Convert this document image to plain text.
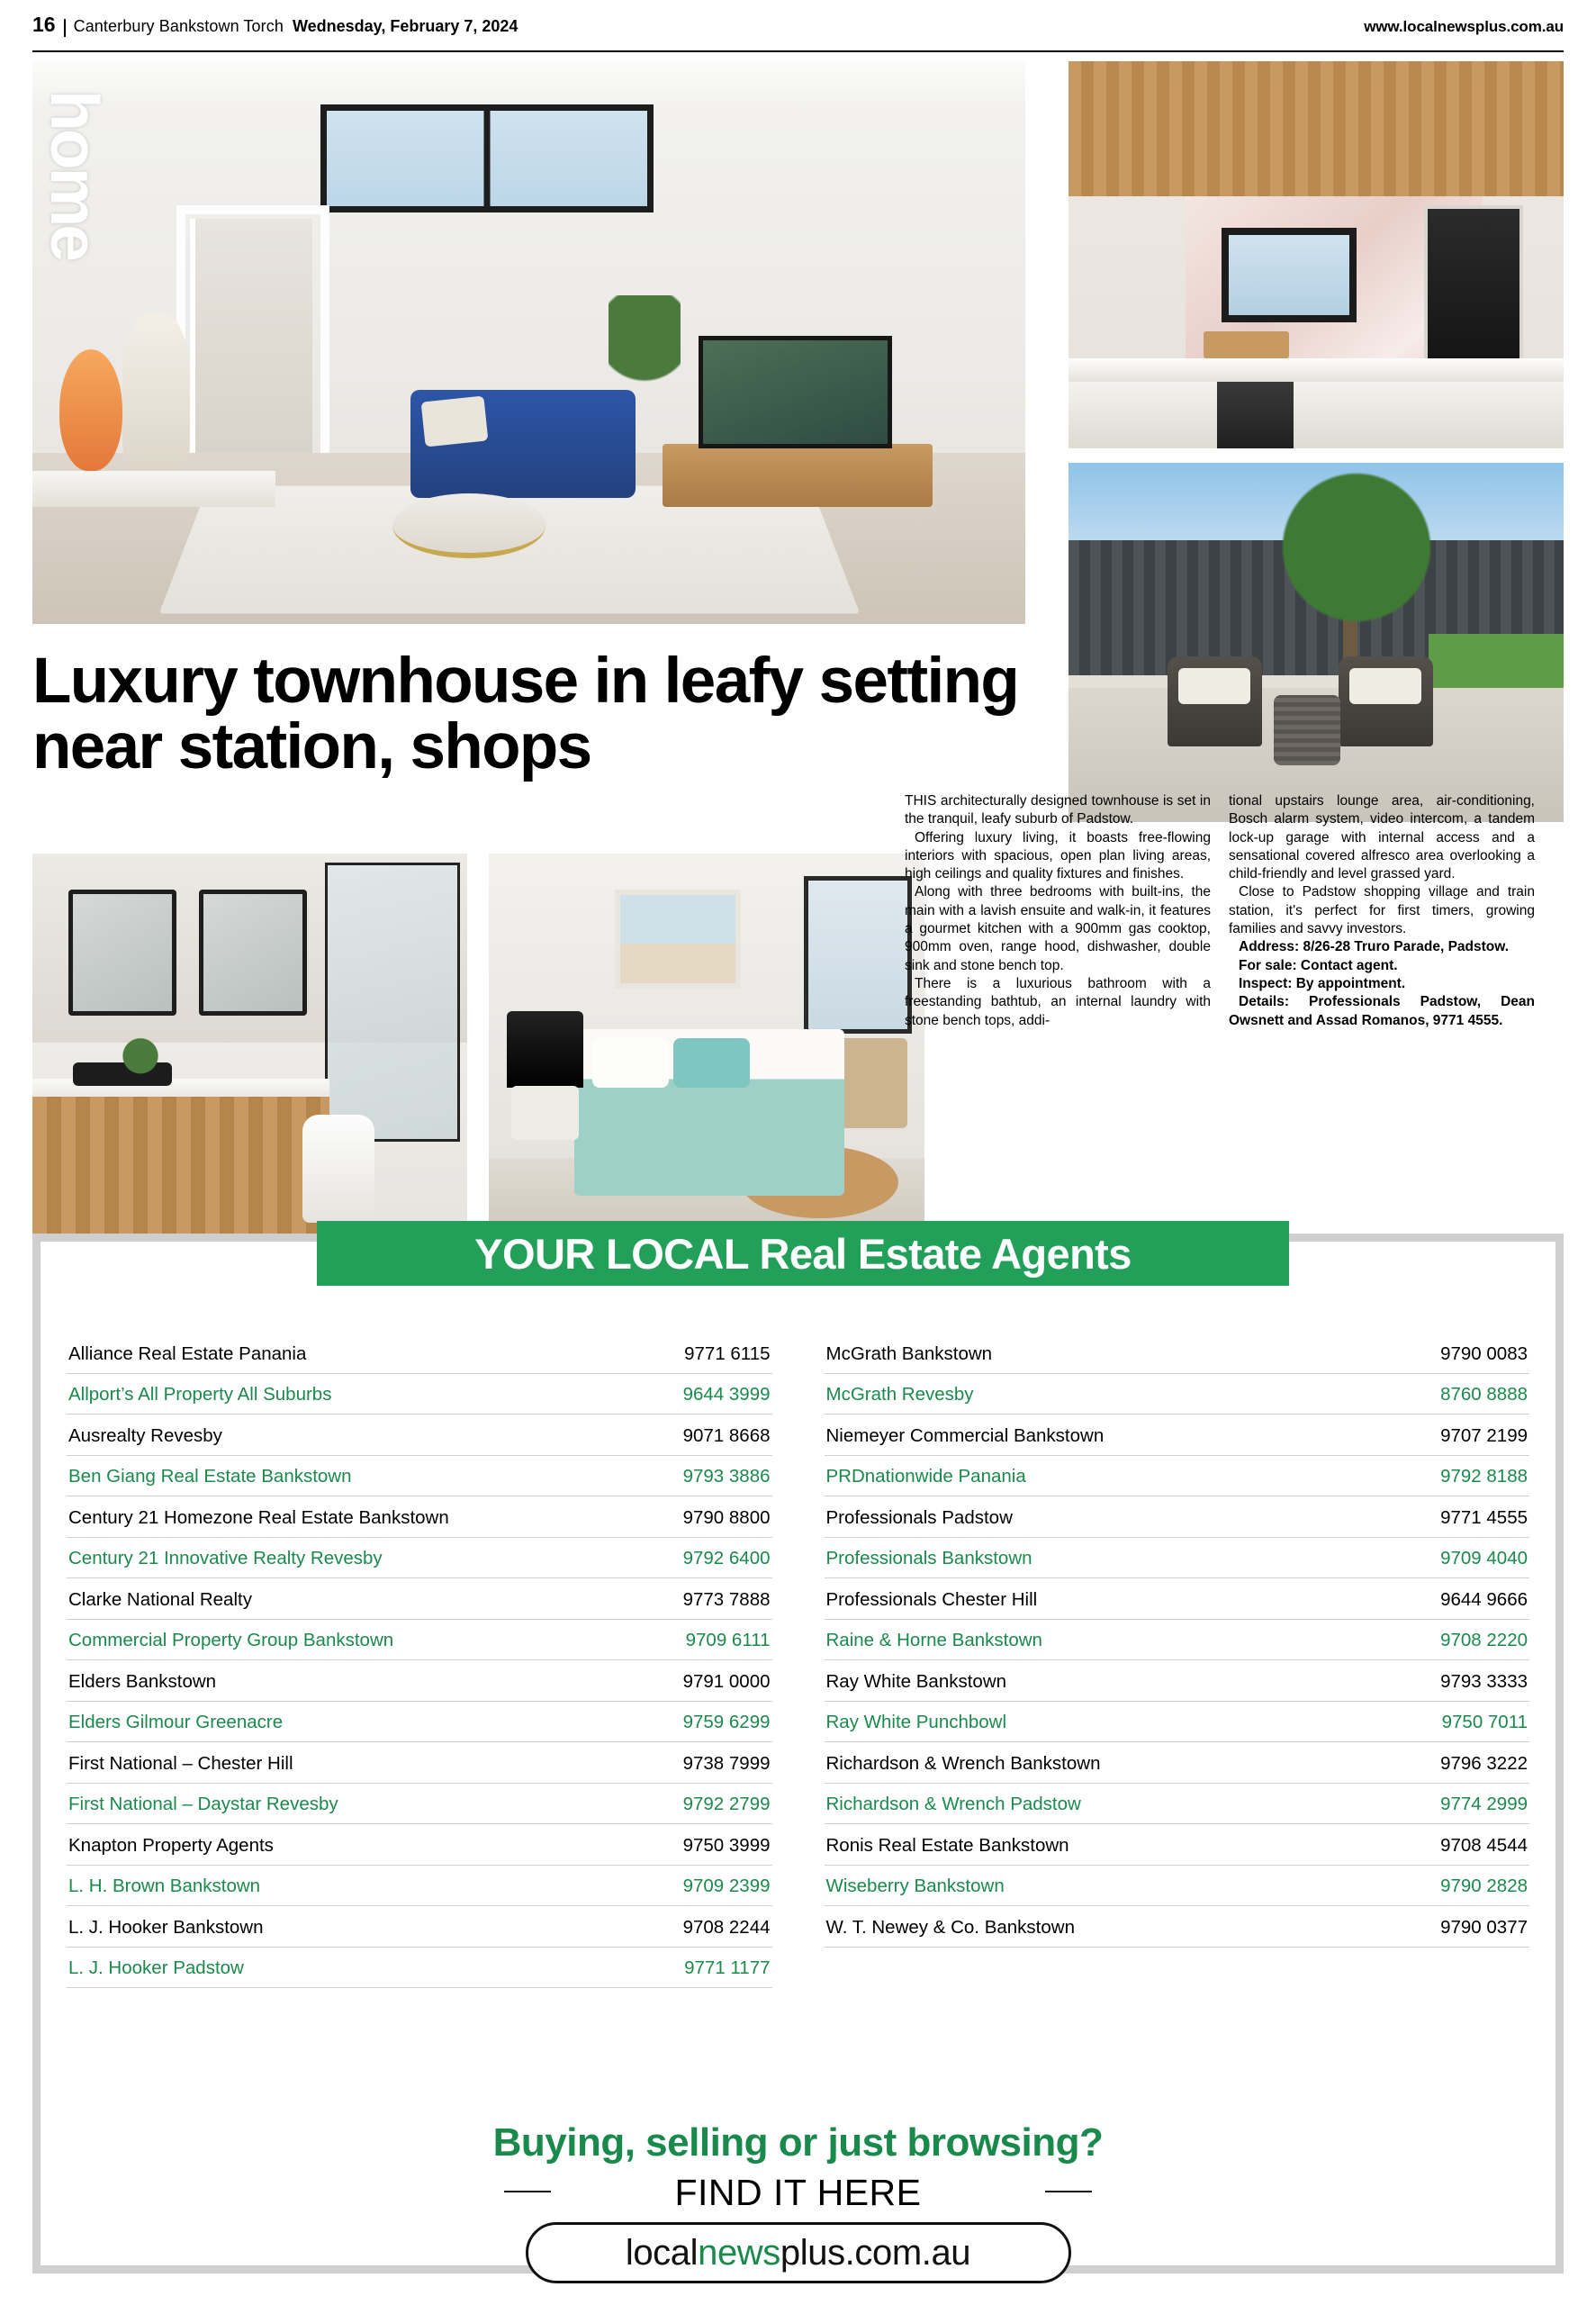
16 Canterbury Bankstown Torch Wednesday, February 7, 2024	www.localnewsplus.com.au
home
Luxury townhouse in leafy setting near station, shops

THIS architecturally designed townhouse is set in the tranquil, leafy suburb of Padstow.

Offering luxury living, it boasts free-flowing interiors with spacious, open plan living areas, high ceilings and quality fixtures and finishes.

Along with three bedrooms with built-ins, the main with a lavish ensuite and walk-in, it features a gourmet kitchen with a 900mm gas cooktop, 900mm oven, range hood, dishwasher, double sink and stone bench top.

There is a luxurious bathroom with a freestanding bathtub, an internal laundry with stone bench tops, addi-

tional upstairs lounge area, air-conditioning, Bosch alarm system, video intercom, a tandem lock-up garage with internal access and a sensational covered alfresco area overlooking a child-friendly and level grassed yard.

Close to Padstow shopping village and train station, it's perfect for first timers, growing families and savvy investors.

Address: 8/26-28 Truro Parade, Padstow.

For sale: Contact agent.

Inspect: By appointment.

Details: Professionals Padstow, Dean Owsnett and Assad Romanos, 9771 4555.

YOUR LOCAL Real Estate Agents
Alliance Real Estate Panania	9771 6115
Allport’s All Property All Suburbs	9644 3999
Ausrealty Revesby	9071 8668
Ben Giang Real Estate Bankstown	9793 3886
Century 21 Homezone Real Estate Bankstown	9790 8800
Century 21 Innovative Realty Revesby	9792 6400
Clarke National Realty	9773 7888
Commercial Property Group Bankstown	9709 6111
Elders Bankstown	9791 0000
Elders Gilmour Greenacre	9759 6299
First National – Chester Hill	9738 7999
First National – Daystar Revesby	9792 2799
Knapton Property Agents	9750 3999
L. H. Brown Bankstown	9709 2399
L. J. Hooker Bankstown	9708 2244
L. J. Hooker Padstow	9771 1177
McGrath Bankstown	9790 0083
McGrath Revesby	8760 8888
Niemeyer Commercial Bankstown	9707 2199
PRDnationwide Panania	9792 8188
Professionals Padstow	9771 4555
Professionals Bankstown	9709 4040
Professionals Chester Hill	9644 9666
Raine & Horne Bankstown	9708 2220
Ray White Bankstown	9793 3333
Ray White Punchbowl	9750 7011
Richardson & Wrench Bankstown	9796 3222
Richardson & Wrench Padstow	9774 2999
Ronis Real Estate Bankstown	9708 4544
Wiseberry Bankstown	9790 2828
W. T. Newey & Co. Bankstown	9790 0377
Buying, selling or just browsing?
FIND IT HERE
localnewsplus.com.au
